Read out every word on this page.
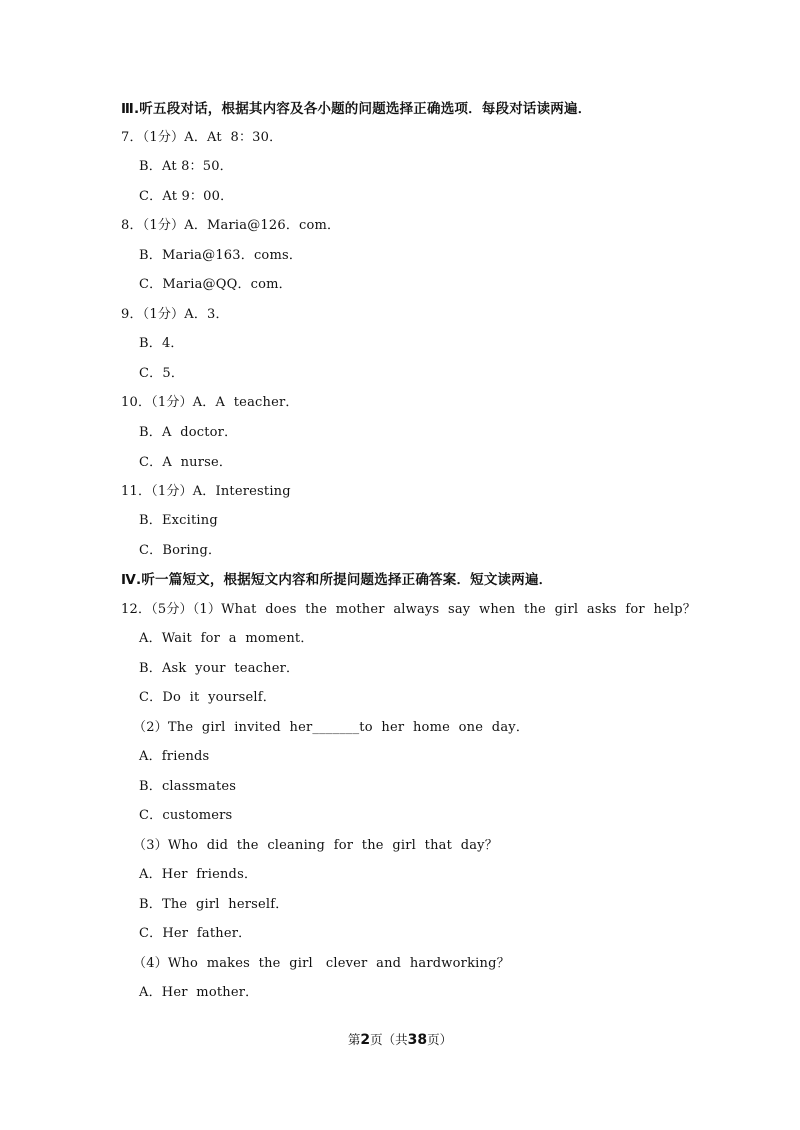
Ⅲ.听五段对话，根据其内容及各小题的问题选择正确选项．每段对话读两遍．
7．（1分）A．At  8：30．
B．At 8：50．
C．At 9：00．
8．（1分）A．Maria@126．com．
B．Maria@163．coms．
C．Maria@QQ．com．
9．（1分）A．3．
B．4．
C．5．
10．（1分）A．A  teacher．
B．A  doctor．
C．A  nurse．
11．（1分）A．Interesting
B．Exciting
C．Boring．
Ⅳ.听一篇短文，根据短文内容和所提问题选择正确答案．短文读两遍．
12．（5分）（1）What  does  the  mother  always  say  when  the  girl  asks  for  help？
A．Wait  for  a  moment．
B．Ask  your  teacher．
C．Do  it  yourself．
（2）The  girl  invited  her_______to  her  home  one  day．
A．friends
B．classmates
C．customers
（3）Who  did  the  cleaning  for  the  girl  that  day？
A．Her  friends．
B．The  girl  herself．
C．Her  father．
（4）Who  makes  the  girl   clever  and  hardworking？
A．Her  mother．
第2页（共38页）
